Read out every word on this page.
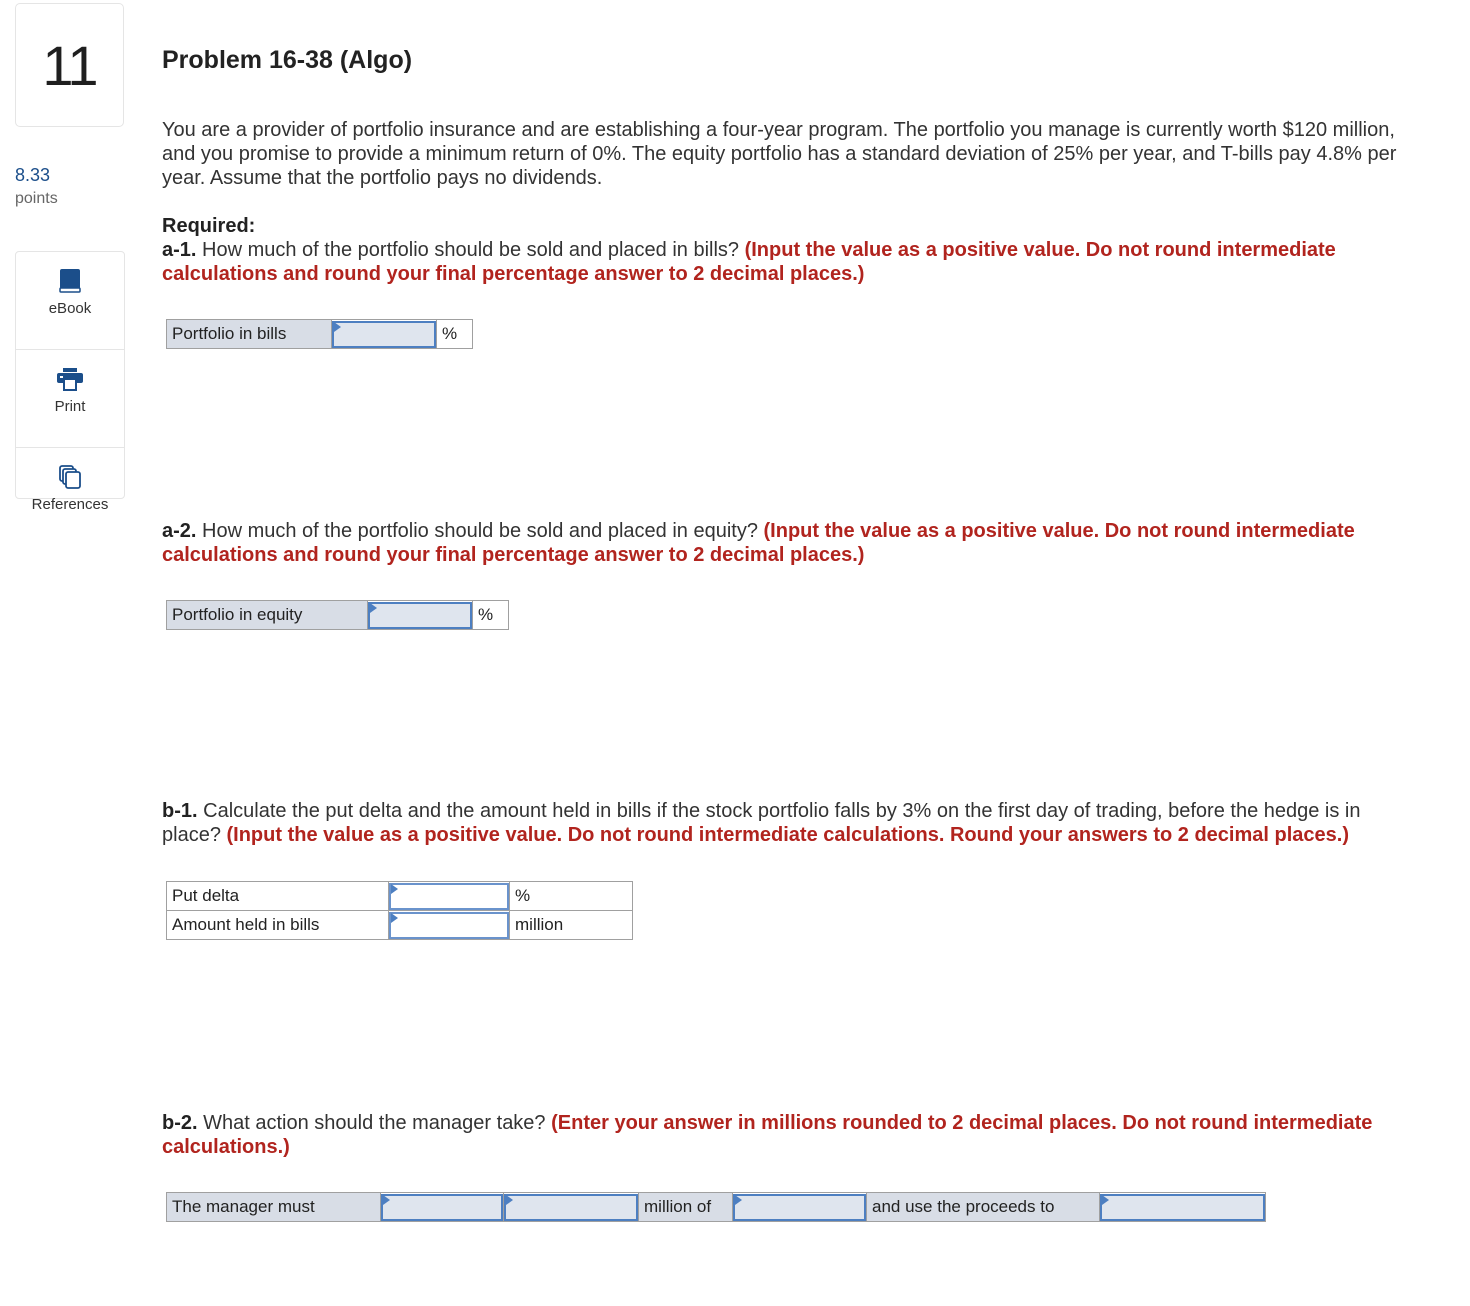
11
8.33
points
eBook
Print
References
Problem 16-38 (Algo)
You are a provider of portfolio insurance and are establishing a four-year program. The portfolio you manage is currently worth $120 million, and you promise to provide a minimum return of 0%. The equity portfolio has a standard deviation of 25% per year, and T-bills pay 4.8% per year. Assume that the portfolio pays no dividends.
Required:
a-1. How much of the portfolio should be sold and placed in bills? (Input the value as a positive value. Do not round intermediate calculations and round your final percentage answer to 2 decimal places.)
Portfolio in bills		%
a-2. How much of the portfolio should be sold and placed in equity? (Input the value as a positive value. Do not round intermediate calculations and round your final percentage answer to 2 decimal places.)
Portfolio in equity		%
b-1. Calculate the put delta and the amount held in bills if the stock portfolio falls by 3% on the first day of trading, before the hedge is in place? (Input the value as a positive value. Do not round intermediate calculations. Round your answers to 2 decimal places.)
Put delta		%
Amount held in bills		million
b-2. What action should the manager take? (Enter your answer in millions rounded to 2 decimal places. Do not round intermediate calculations.)
The manager must			million of		and use the proceeds to	
